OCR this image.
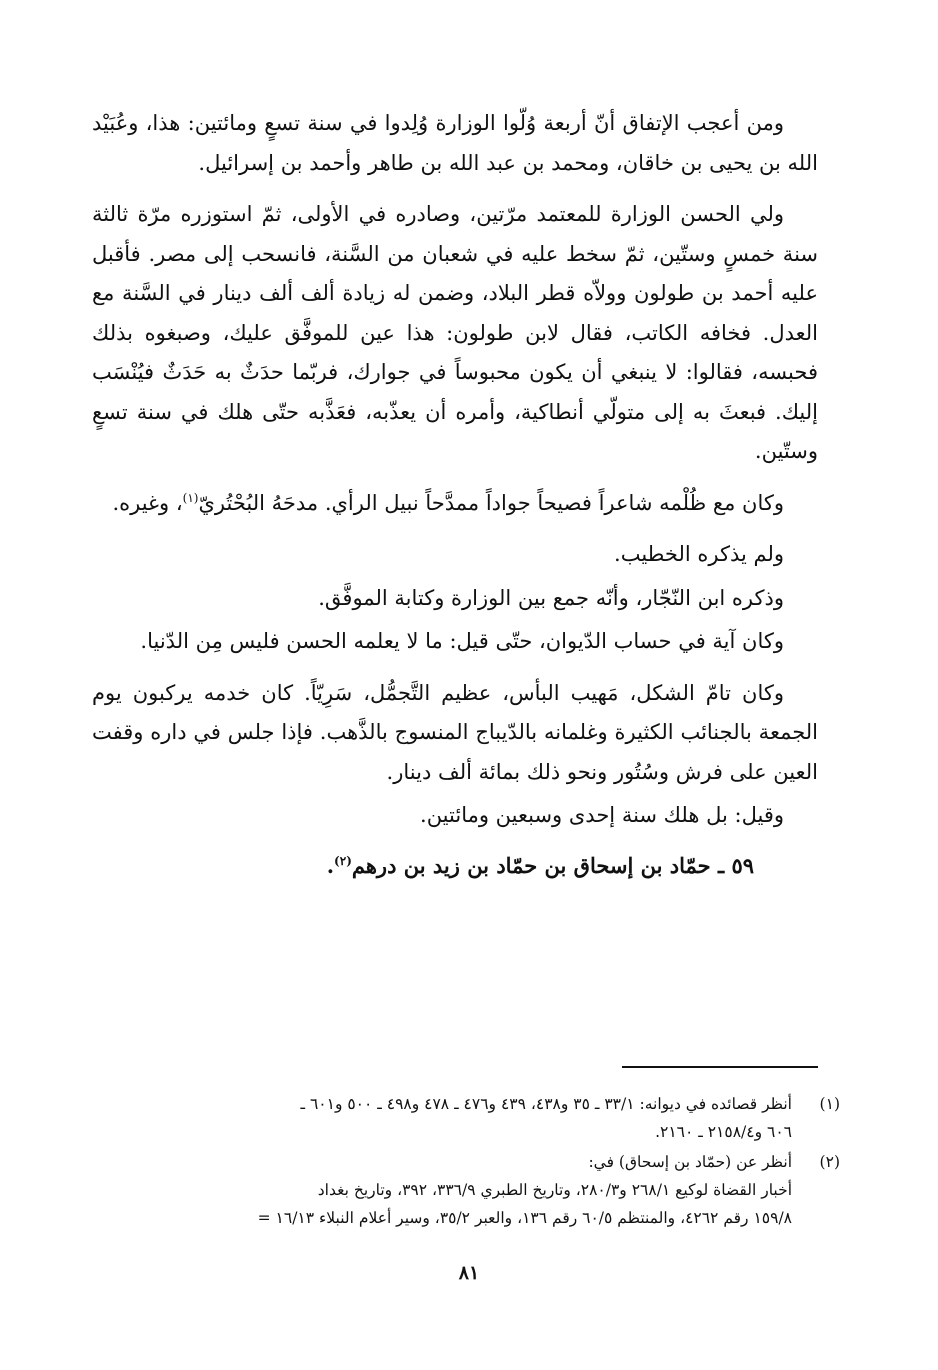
ومن أعجب الإتفاق أنّ أربعة وُلّوا الوزارة وُلِدوا في سنة تسعٍ ومائتين: هذا، وعُبَيْد الله بن يحيى بن خاقان، ومحمد بن عبد الله بن طاهر وأحمد بن إسرائيل.

ولي الحسن الوزارة للمعتمد مرّتين، وصادره في الأولى، ثمّ استوزره مرّة ثالثة سنة خمسٍ وستّين، ثمّ سخط عليه في شعبان من السَّنة، فانسحب إلى مصر. فأقبل عليه أحمد بن طولون وولاّه قطر البلاد، وضمن له زيادة ألف ألف دينار في السَّنة مع العدل. فخافه الكاتب، فقال لابن طولون: هذا عين للموفَّق عليك، وصبغوه بذلك فحبسه، فقالوا: لا ينبغي أن يكون محبوساً في جوارك، فربّما حدَثٌ به حَدَثٌ فيُنْسَب إليك. فبعثَ به إلى متولّي أنطاكية، وأمره أن يعذّبه، فعَذَّبه حتّى هلك في سنة تسعٍ وستّين.

وكان مع ظُلْمه شاعراً فصيحاً جواداً ممدَّحاً نبيل الرأي. مدحَهُ البُحْتُريّ$^{(١)}$، وغيره.

ولم يذكره الخطيب.

وذكره ابن النّجّار، وأنّه جمع بين الوزارة وكتابة الموفَّق.

وكان آية في حساب الدّيوان، حتّى قيل: ما لا يعلمه الحسن فليس مِن الدّنيا.

وكان تامّ الشكل، مَهيب البأس، عظيم التَّجمُّل، سَرِيّاً. كان خدمه يركبون يوم الجمعة بالجنائب الكثيرة وغلمانه بالدّيباج المنسوج بالذَّهب. فإذا جلس في داره وقفت العين على فرش وسُتُور ونحو ذلك بمائة ألف دينار.

وقيل: بل هلك سنة إحدى وسبعين ومائتين.

٥٩ ـ حمّاد بن إسحاق بن حمّاد بن زيد بن درهم$^{(٢)}$.

(١)
أنظر قصائده في ديوانه: ٣٣/١ ـ ٣٥ و٤٣٨، ٤٣٩ و٤٧٦ ـ ٤٧٨ و٤٩٨ ـ ٥٠٠ و٦٠١ ـ
٦٠٦ و٢١٥٨/٤ ـ ٢١٦٠.
(٢)
أنظر عن (حمّاد بن إسحاق) في:
أخبار القضاة لوكيع ٢٦٨/١ و٢٨٠/٣، وتاريخ الطبري ٣٣٦/٩، ٣٩٢، وتاريخ بغداد
١٥٩/٨ رقم ٤٢٦٢، والمنتظم ٦٠/٥ رقم ١٣٦، والعبر ٣٥/٢، وسير أعلام النبلاء ١٦/١٣ =
٨١
